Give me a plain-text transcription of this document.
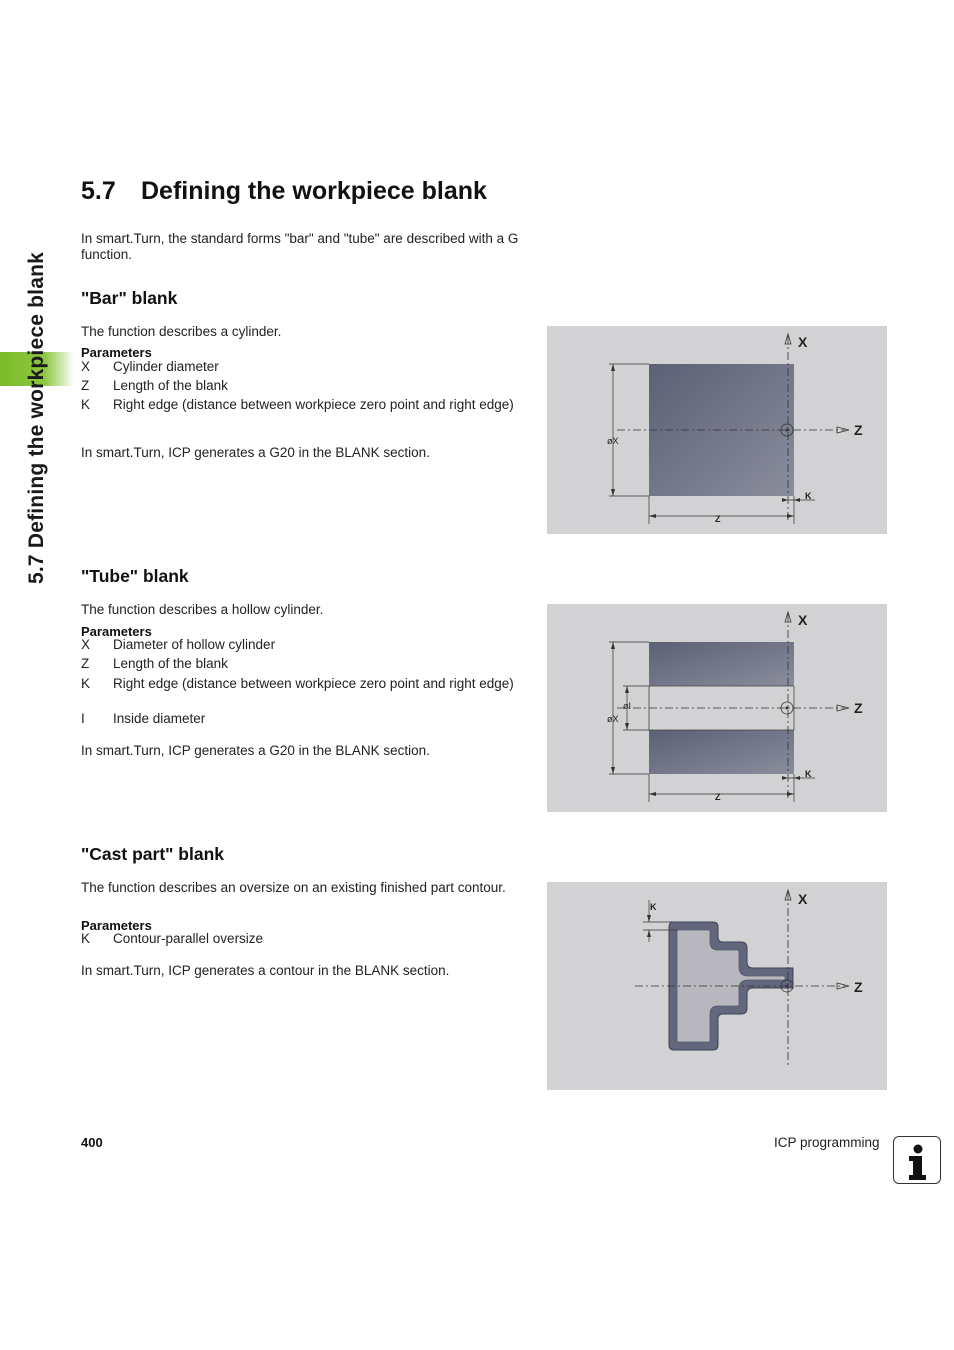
5.7 Defining the workpiece blank
5.7 Defining the workpiece blank

In smart.Turn, the standard forms "bar" and "tube" are described with a G function.

"Bar" blank

The function describes a cylinder.

Parameters
X Cylinder diameter
Z Length of the blank
K Right edge (distance between workpiece zero point and right edge)

In smart.Turn, ICP generates a G20 in the BLANK section.

øX
Z
K
X
Z
"Tube" blank

The function describes a hollow cylinder.

Parameters
X Diameter of hollow cylinder
Z Length of the blank
K Right edge (distance between workpiece zero point and right edge)
I Inside diameter

In smart.Turn, ICP generates a G20 in the BLANK section.

øX
øI
Z
K
X
Z
"Cast part" blank

The function describes an oversize on an existing finished part contour.

Parameters
K Contour-parallel oversize

In smart.Turn, ICP generates a contour in the BLANK section.

K	X
Z
400	ICP programming
